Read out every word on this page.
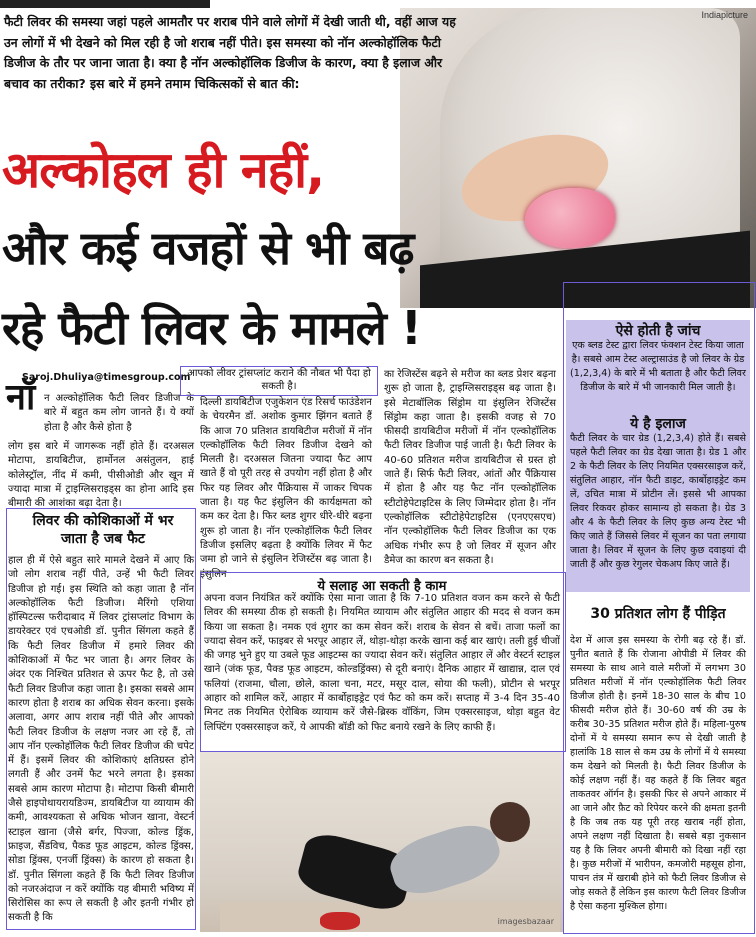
Indiapicture
फैटी लिवर की समस्या जहां पहले आमतौर पर शराब पीने वाले लोगों में देखी जाती थी, वहीं आज यह उन लोगों में भी देखने को मिल रही है जो शराब नहीं पीते। इस समस्या को नॉन अल्कोहॉलिक फैटी डिजीज के तौर पर जाना जाता है। क्या है नॉन अल्कोहॉलिक डिजीज के कारण, क्या है इलाज और बचाव का तरीका? इस बारे में हमने तमाम चिकित्सकों से बात की:
अल्कोहल ही नहीं,
और कई वजहों से भी बढ़
रहे फैटी लिवर के मामले !
Saroj.Dhuliya@timesgroup.com
नॉ न अल्कोहॉलिक फैटी लिवर डिजीज के बारे में बहुत कम लोग जानते हैं। ये क्यों होता है और कैसे होता है
लोग इस बारे में जागरूक नहीं होते हैं। दरअसल मोटापा, डायबिटीज, हार्मोनल असंतुलन, हाई कोलेस्ट्रॉल, नींद में कमी, पीसीओडी और खून में ज्यादा मात्रा में ट्राइग्लिसराइड्स का होना आदि इस बीमारी की आशंका बढ़ा देता है।
लिवर की कोशिकाओं में भर जाता है जब फैट
हाल ही में ऐसे बहुत सारे मामले देखने में आए कि जो लोग शराब नहीं पीते, उन्हें भी फैटी लिवर डिजीज हो गई। इस स्थिति को कहा जाता है नॉन अल्कोहॉलिक फैटी डिजीज। मैरिंगो एशिया हॉस्पिटल्स फरीदाबाद में लिवर ट्रांसप्लांट विभाग के डायरेक्टर एवं एचओडी डॉ. पुनीत सिंगला कहते हैं कि फैटी लिवर डिजीज में हमारे लिवर की कोशिकाओं में फैट भर जाता है। अगर लिवर के अंदर एक निश्चित प्रतिशत से ऊपर फैट है, तो उसे फैटी लिवर डिजीज कहा जाता है। इसका सबसे आम कारण होता है शराब का अधिक सेवन करना। इसके अलावा, अगर आप शराब नहीं पीते और आपको फैटी लिवर डिजीज के लक्षण नजर आ रहे हैं, तो आप नॉन एल्कोहॉलिक फैटी लिवर डिजीज की चपेट में हैं। इसमें लिवर की कोशिकाएं क्षतिग्रस्त होने लगती हैं और उनमें फैट भरने लगता है। इसका सबसे आम कारण मोटापा है। मोटापा किसी बीमारी जैसे हाइपोथायरायडिज्म, डायबिटीज या व्यायाम की कमी, आवश्यकता से अधिक भोजन खाना, वेस्टर्न स्टाइल खाना (जैसे बर्गर, पिज्जा, कोल्ड ड्रिंक, फ्राइज, सैंडविच, पैकड फूड आइटम, कोल्ड ड्रिंक्स, सोडा ड्रिंक्स, एनर्जी ड्रिंक्स) के कारण हो सकता है। डॉ. पुनीत सिंगला कहते हैं कि फैटी लिवर डिजीज को नजरअंदाज न करें क्योंकि यह बीमारी भविष्य में सिरोसिस का रूप ले सकती है और इतनी गंभीर हो सकती है कि
आपको लीवर ट्रांसप्लांट कराने की नौबत भी पैदा हो सकती है।
दिल्ली डायबिटीज एजुकेशन एंड रिसर्च फाउंडेशन के चेयरमैन डॉ. अशोक कुमार झिंगन बताते हैं कि आज 70 प्रतिशत डायबिटीज मरीजों में नॉन एल्कोहॉलिक फैटी लिवर डिजीज देखने को मिलती है। दरअसल जितना ज्यादा फैट आप खाते हैं वो पूरी तरह से उपयोग नहीं होता है और फिर यह लिवर और पैंक्रियास में जाकर चिपक जाता है। यह फैट इंसुलिन की कार्यक्षमता को कम कर देता है। फिर ब्लड शुगर धीरे-धीरे बढ़ना शुरू हो जाता है। नॉन एल्कोहॉलिक फैटी लिवर डिजीज इसलिए बढ़ता है क्योंकि लिवर में फैट जमा हो जाने से इंसुलिन रेजिस्टेंस बढ़ जाता है। इंसुलिन
का रेजिस्टेंस बढ़ने से मरीज का ब्लड प्रेशर बढ़ना शुरू हो जाता है, ट्राइग्लिसराइड्स बढ़ जाता है। इसे मेटाबॉलिक सिंड्रोम या इंसुलिन रेजिस्टेंस सिंड्रोम कहा जाता है। इसकी वजह से 70 फीसदी डायबिटीज मरीजों में नॉन एल्कोहॉलिक फैटी लिवर डिजीज पाई जाती है। फैटी लिवर के 40-60 प्रतिशत मरीज डायबिटीज से ग्रस्त हो जाते हैं। सिर्फ फैटी लिवर, आंतों और पैंक्रियास में होता है और यह फैट नॉन एल्कोहॉलिक स्टीटोहेपेटाइटिस के लिए जिम्मेदार होता है। नॉन एल्कोहॉलिक स्टीटोहेपेटाइटिस (एनएएसएच) नॉन एल्कोहॉलिक फैटी लिवर डिजीज का एक अधिक गंभीर रूप है जो लिवर में सूजन और डैमेज का कारण बन सकता है।
ये सलाह आ सकती है काम
अपना वजन नियंत्रित करें क्योंकि ऐसा माना जाता है कि 7-10 प्रतिशत वजन कम करने से फैटी लिवर की समस्या ठीक हो सकती है। नियमित व्यायाम और संतुलित आहार की मदद से वजन कम किया जा सकता है। नमक एवं शुगर का कम सेवन करें। शराब के सेवन से बचें। ताजा फलों का ज्यादा सेवन करें, फाइबर से भरपूर आहार लें, थोड़ा-थोड़ा करके खाना कई बार खाएं। तली हुई चीजों की जगह भुने हुए या उबले फूड आइटम्स का ज्यादा सेवन करें। संतुलित आहार लें और वेस्टर्न स्टाइल खाने (जंक फूड, पैक्ड फूड आइटम, कोल्डड्रिंक्स) से दूरी बनाएं। दैनिक आहार में खाद्यान्न, दाल एवं फलियां (राजमा, चौला, छोले, काला चना, मटर, मसूर दाल, सोया की फली), प्रोटीन से भरपूर आहार को शामिल करें, आहार में कार्बोहाइड्रेट एवं फैट को कम करें। सप्ताह में 3-4 दिन 35-40 मिनट तक नियमित ऐरोबिक व्यायाम करें जैसे-ब्रिस्क वॉकिंग, जिम एक्सरसाइज, थोड़ा बहुत वेट लिफ्टिंग एक्सरसाइज करें, ये आपकी बॉडी को फिट बनाये रखने के लिए काफी हैं।
imagesbazaar
ऐसे होती है जांच
एक ब्लड टेस्ट द्वारा लिवर फंक्शन टेस्ट किया जाता है। सबसे आम टेस्ट अल्ट्रासाउंड है जो लिवर के ग्रेड (1,2,3,4) के बारे में भी बताता है और फैटी लिवर डिजीज के बारे में भी जानकारी मिल जाती है।
ये है इलाज
फैटी लिवर के चार ग्रेड (1,2,3,4) होते हैं। सबसे पहले फैटी लिवर का ग्रेड देखा जाता है। ग्रेड 1 और 2 के फैटी लिवर के लिए नियमित एक्सरसाइज करें, संतुलित आहार, नॉन फैटी डाइट, कार्बोहाइड्रेट कम लें, उचित मात्रा में प्रोटीन लें। इससे भी आपका लिवर रिकवर होकर सामान्य हो सकता है। ग्रेड 3 और 4 के फैटी लिवर के लिए कुछ अन्य टेस्ट भी किए जाते हैं जिससे लिवर में सूजन का पता लगाया जाता है। लिवर में सूजन के लिए कुछ दवाइयां दी जाती हैं और कुछ रेगुलर चेकअप किए जाते हैं।
30 प्रतिशत लोग हैं पीड़ित
देश में आज इस समस्या के रोगी बढ़ रहे हैं। डॉ. पुनीत बताते हैं कि रोजाना ओपीडी में लिवर की समस्या के साथ आने वाले मरीजों में लगभग 30 प्रतिशत मरीजों में नॉन एल्कोहॉलिक फैटी लिवर डिजीज होती है। इनमें 18-30 साल के बीच 10 फीसदी मरीज होते हैं। 30-60 वर्ष की उम्र के करीब 30-35 प्रतिशत मरीज होते हैं। महिला-पुरुष दोनों में ये समस्या समान रूप से देखी जाती है हालांकि 18 साल से कम उम्र के लोगों में ये समस्या कम देखने को मिलती है। फैटी लिवर डिजीज के कोई लक्षण नहीं हैं। वह कहते हैं कि लिवर बहुत ताकतवर ऑर्गन है। इसकी फिर से अपने आकार में आ जाने और फ़ैट को रिपेयर करने की क्षमता इतनी है कि जब तक यह पूरी तरह खराब नहीं होता, अपने लक्षण नहीं दिखाता है। सबसे बड़ा नुकसान यह है कि लिवर अपनी बीमारी को दिखा नहीं रहा है। कुछ मरीजों में भारीपन, कमजोरी महसूस होना, पाचन तंत्र में खराबी होने को फैटी लिवर डिजीज से जोड़ सकते हैं लेकिन इस कारण फैटी लिवर डिजीज है ऐसा कहना मुश्किल होगा।
